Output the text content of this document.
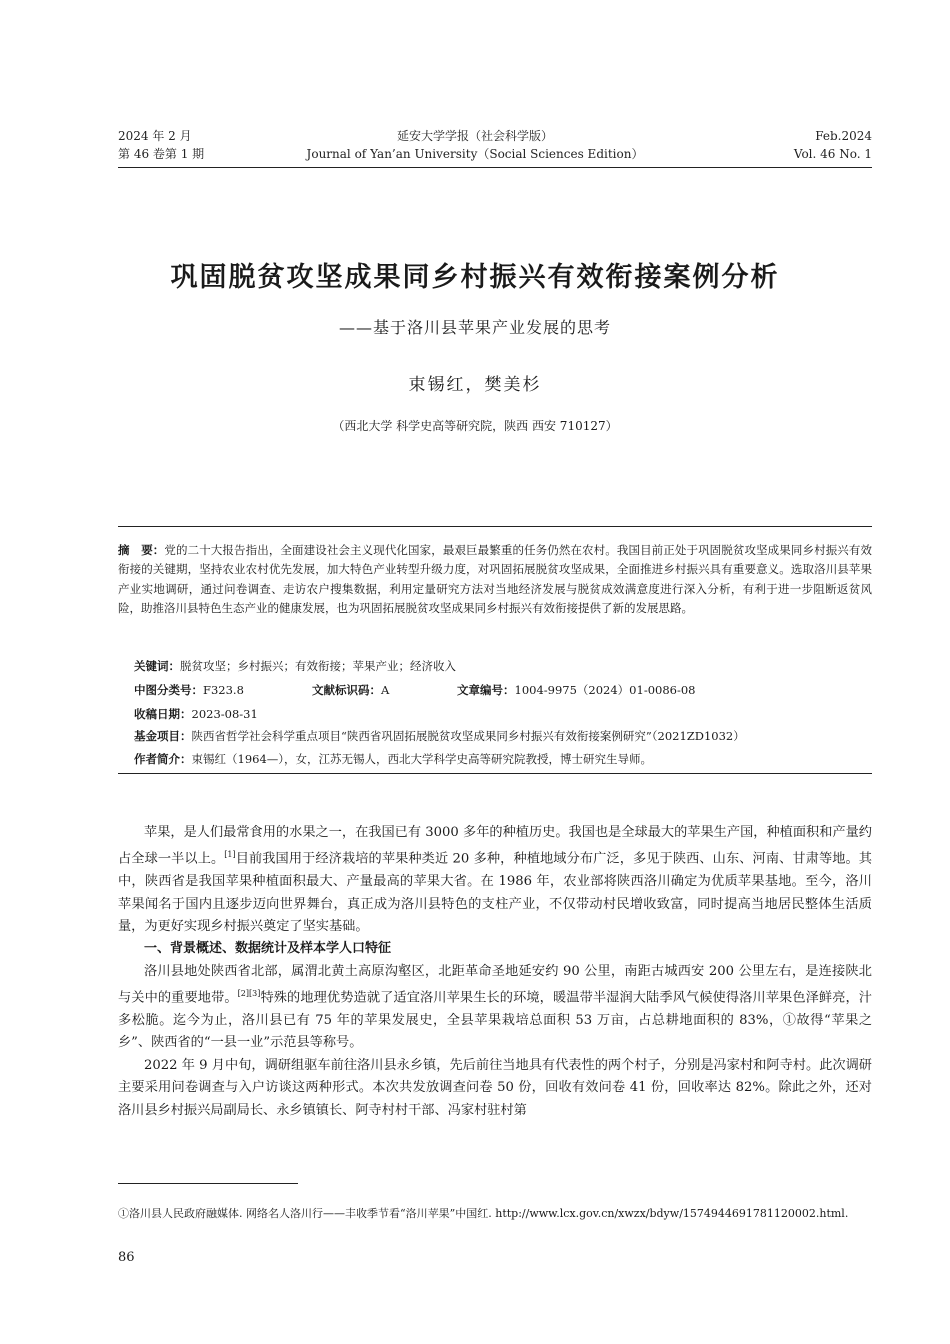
2024 年 2 月
第 46 卷第 1 期
延安大学学报（社会科学版）
Journal of Yan’an University（Social Sciences Edition）
Feb.2024
Vol. 46 No. 1
巩固脱贫攻坚成果同乡村振兴有效衔接案例分析
——基于洛川县苹果产业发展的思考
束锡红，樊美杉
（西北大学 科学史高等研究院，陕西 西安 710127）
摘　要：党的二十大报告指出，全面建设社会主义现代化国家，最艰巨最繁重的任务仍然在农村。我国目前正处于巩固脱贫攻坚成果同乡村振兴有效衔接的关键期，坚持农业农村优先发展，加大特色产业转型升级力度，对巩固拓展脱贫攻坚成果，全面推进乡村振兴具有重要意义。选取洛川县苹果产业实地调研，通过问卷调查、走访农户搜集数据，利用定量研究方法对当地经济发展与脱贫成效满意度进行深入分析，有利于进一步阻断返贫风险，助推洛川县特色生态产业的健康发展，也为巩固拓展脱贫攻坚成果同乡村振兴有效衔接提供了新的发展思路。
关键词：脱贫攻坚；乡村振兴；有效衔接；苹果产业；经济收入
中图分类号：F323.8	文献标识码：A	文章编号：1004-9975（2024）01-0086-08
收稿日期：2023-08-31
基金项目：陕西省哲学社会科学重点项目“陕西省巩固拓展脱贫攻坚成果同乡村振兴有效衔接案例研究”（2021ZD1032）
作者简介：束锡红（1964—），女，江苏无锡人，西北大学科学史高等研究院教授，博士研究生导师。

苹果，是人们最常食用的水果之一，在我国已有 3000 多年的种植历史。我国也是全球最大的苹果生产国，种植面积和产量约占全球一半以上。[1]目前我国用于经济栽培的苹果种类近 20 多种，种植地域分布广泛，多见于陕西、山东、河南、甘肃等地。其中，陕西省是我国苹果种植面积最大、产量最高的苹果大省。在 1986 年，农业部将陕西洛川确定为优质苹果基地。至今，洛川苹果闻名于国内且逐步迈向世界舞台，真正成为洛川县特色的支柱产业，不仅带动村民增收致富，同时提高当地居民整体生活质量，为更好实现乡村振兴奠定了坚实基础。

一、背景概述、数据统计及样本学人口特征

洛川县地处陕西省北部，属渭北黄土高原沟壑区，北距革命圣地延安约 90 公里，南距古城西安 200 公里左右，是连接陕北与关中的重要地带。[2][3]特殊的地理优势造就了适宜洛川苹果生长的环境，暖温带半湿润大陆季风气候使得洛川苹果色泽鲜亮，汁多松脆。迄今为止，洛川县已有 75 年的苹果发展史，全县苹果栽培总面积 53 万亩，占总耕地面积的 83%，①故得“苹果之乡”、陕西省的“一县一业”示范县等称号。

2022 年 9 月中旬，调研组驱车前往洛川县永乡镇，先后前往当地具有代表性的两个村子，分别是冯家村和阿寺村。此次调研主要采用问卷调查与入户访谈这两种形式。本次共发放调查问卷 50 份，回收有效问卷 41 份，回收率达 82%。除此之外，还对洛川县乡村振兴局副局长、永乡镇镇长、阿寺村村干部、冯家村驻村第

①洛川县人民政府融媒体. 网络名人洛川行——丰收季节看“洛川苹果”中国红. http://www.lcx.gov.cn/xwzx/bdyw/1574944691781120002.html.
86
